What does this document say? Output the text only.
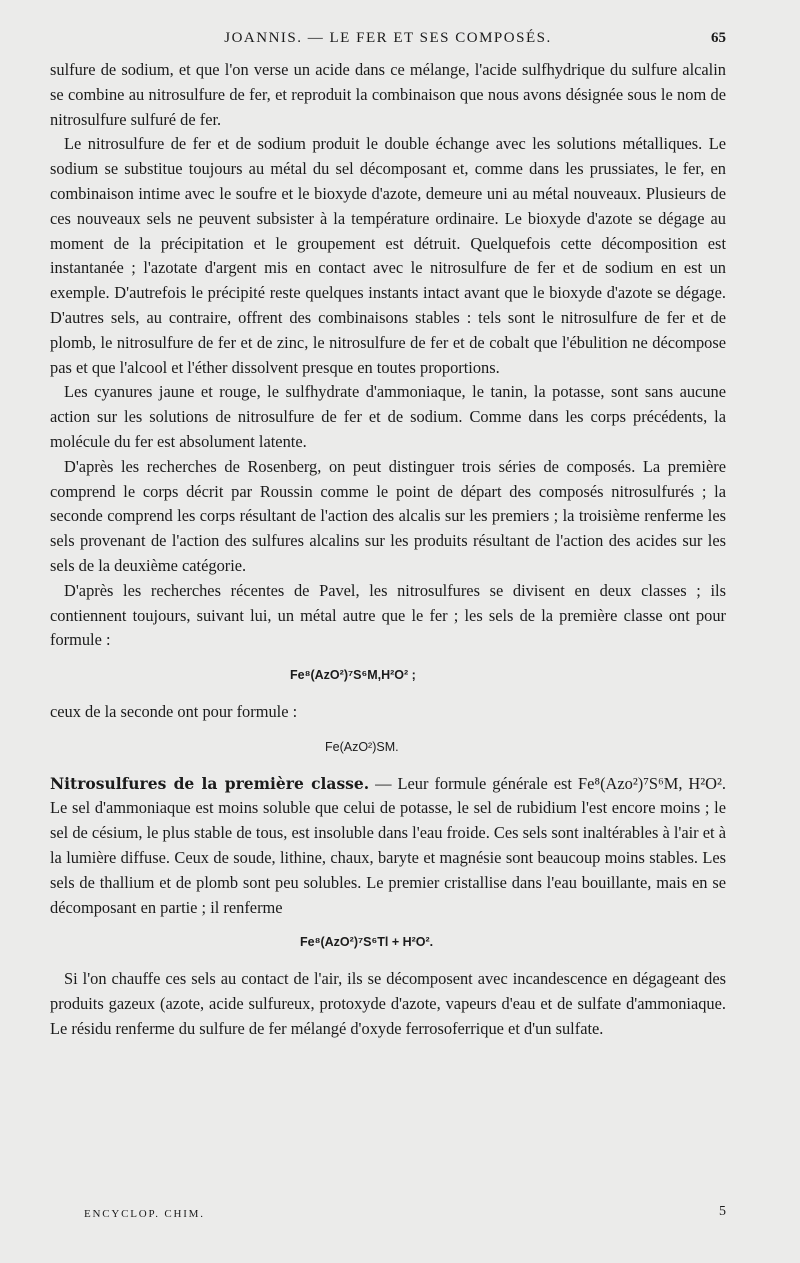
JOANNIS. — LE FER ET SES COMPOSÉS.	65

sulfure de sodium, et que l'on verse un acide dans ce mélange, l'acide sulfhydrique du sulfure alcalin se combine au nitrosulfure de fer, et reproduit la combinaison que nous avons désignée sous le nom de nitrosulfure sulfuré de fer.

Le nitrosulfure de fer et de sodium produit le double échange avec les solutions métalliques. Le sodium se substitue toujours au métal du sel décomposant et, comme dans les prussiates, le fer, en combinaison intime avec le soufre et le bioxyde d'azote, demeure uni au métal nouveaux. Plusieurs de ces nouveaux sels ne peuvent subsister à la température ordinaire. Le bioxyde d'azote se dégage au moment de la précipitation et le groupement est détruit. Quelquefois cette décomposition est instantanée ; l'azotate d'argent mis en contact avec le nitrosulfure de fer et de sodium en est un exemple. D'autrefois le précipité reste quelques instants intact avant que le bioxyde d'azote se dégage. D'autres sels, au contraire, offrent des combinaisons stables : tels sont le nitrosulfure de fer et de plomb, le nitrosulfure de fer et de zinc, le nitrosulfure de fer et de cobalt que l'ébulition ne décompose pas et que l'alcool et l'éther dissolvent presque en toutes proportions.

Les cyanures jaune et rouge, le sulfhydrate d'ammoniaque, le tanin, la potasse, sont sans aucune action sur les solutions de nitrosulfure de fer et de sodium. Comme dans les corps précédents, la molécule du fer est absolument latente.

D'après les recherches de Rosenberg, on peut distinguer trois séries de composés. La première comprend le corps décrit par Roussin comme le point de départ des composés nitrosulfurés ; la seconde comprend les corps résultant de l'action des alcalis sur les premiers ; la troisième renferme les sels provenant de l'action des sulfures alcalins sur les produits résultant de l'action des acides sur les sels de la deuxième catégorie.

D'après les recherches récentes de Pavel, les nitrosulfures se divisent en deux classes ; ils contiennent toujours, suivant lui, un métal autre que le fer ; les sels de la première classe ont pour formule :

Fe⁸(AzO²)⁷S⁶M,H²O² ;

ceux de la seconde ont pour formule :

Fe(AzO²)SM.

Nitrosulfures de la première classe. — Leur formule générale est Fe⁸(Azo²)⁷S⁶M, H²O². Le sel d'ammoniaque est moins soluble que celui de potasse, le sel de rubidium l'est encore moins ; le sel de césium, le plus stable de tous, est insoluble dans l'eau froide. Ces sels sont inaltérables à l'air et à la lumière diffuse. Ceux de soude, lithine, chaux, baryte et magnésie sont beaucoup moins stables. Les sels de thallium et de plomb sont peu solubles. Le premier cristallise dans l'eau bouillante, mais en se décomposant en partie ; il renferme

Fe⁸(AzO²)⁷S⁶Tl + H²O².

Si l'on chauffe ces sels au contact de l'air, ils se décomposent avec incandescence en dégageant des produits gazeux (azote, acide sulfureux, protoxyde d'azote, vapeurs d'eau et de sulfate d'ammoniaque. Le résidu renferme du sulfure de fer mélangé d'oxyde ferrosoferrique et d'un sulfate.

ENCYCLOP. CHIM.	5
